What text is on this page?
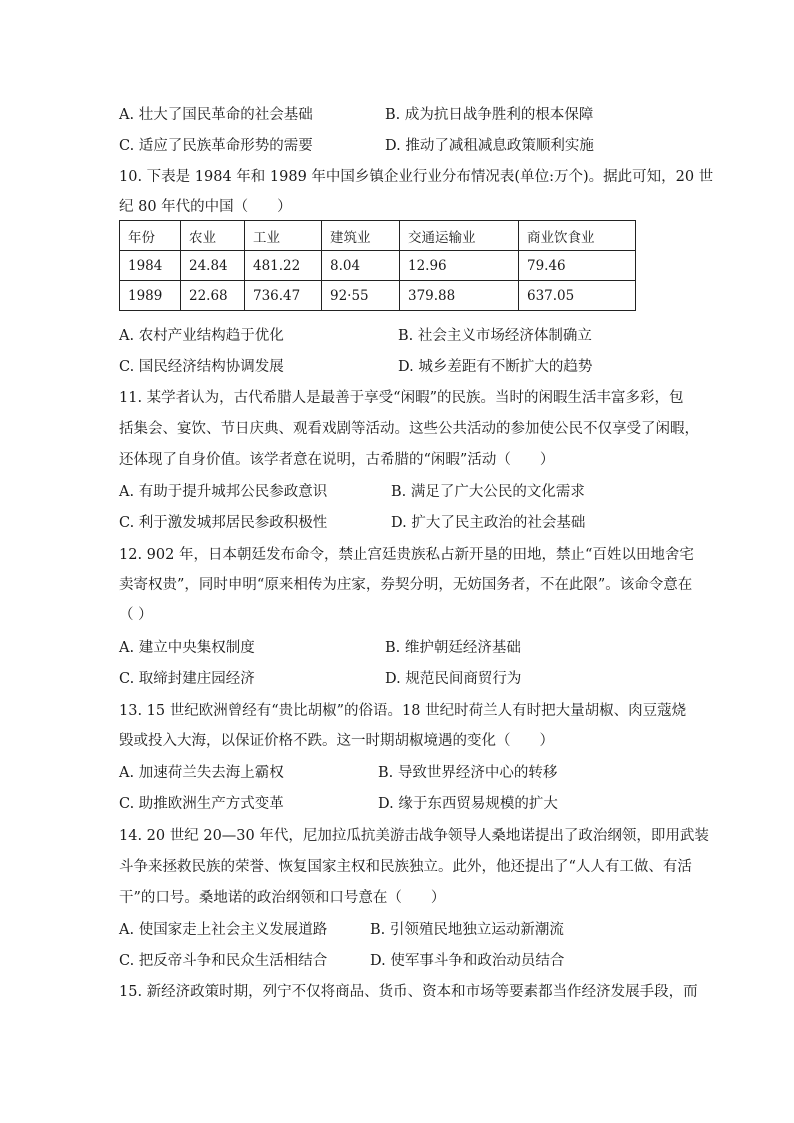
A. 壮大了国民革命的社会基础	B. 成为抗日战争胜利的根本保障
C. 适应了民族革命形势的需要	D. 推动了减租减息政策顺利实施
10. 下表是 1984 年和 1989 年中国乡镇企业行业分布情况表(单位:万个)。据此可知，20 世
纪 80 年代的中国（　　）
年份	农业	工业	建筑业	交通运输业	商业饮食业
1984	24.84	481.22	8.04	12.96	79.46
1989	22.68	736.47	92·55	379.88	637.05
A. 农村产业结构趋于优化	B. 社会主义市场经济体制确立
C. 国民经济结构协调发展	D. 城乡差距有不断扩大的趋势
11. 某学者认为，古代希腊人是最善于享受“闲暇”的民族。当时的闲暇生活丰富多彩，包
括集会、宴饮、节日庆典、观看戏剧等活动。这些公共活动的参加使公民不仅享受了闲暇，
还体现了自身价值。该学者意在说明，古希腊的“闲暇”活动（　　）
A. 有助于提升城邦公民参政意识	B. 满足了广大公民的文化需求
C. 利于激发城邦居民参政积极性	D. 扩大了民主政治的社会基础
12. 902 年，日本朝廷发布命令，禁止宫廷贵族私占新开垦的田地，禁止“百姓以田地舍宅
卖寄权贵”，同时申明“原来相传为庄家，券契分明，无妨国务者，不在此限”。该命令意在
（ ）
A. 建立中央集权制度	B. 维护朝廷经济基础
C. 取缔封建庄园经济	D. 规范民间商贸行为
13. 15 世纪欧洲曾经有“贵比胡椒”的俗语。18 世纪时荷兰人有时把大量胡椒、肉豆蔻烧
毁或投入大海，以保证价格不跌。这一时期胡椒境遇的变化（　　）
A. 加速荷兰失去海上霸权	B. 导致世界经济中心的转移
C. 助推欧洲生产方式变革	D. 缘于东西贸易规模的扩大
14. 20 世纪 20—30 年代，尼加拉瓜抗美游击战争领导人桑地诺提出了政治纲领，即用武装
斗争来拯救民族的荣誉、恢复国家主权和民族独立。此外，他还提出了“人人有工做、有活
干”的口号。桑地诺的政治纲领和口号意在（　　）
A. 使国家走上社会主义发展道路	B. 引领殖民地独立运动新潮流
C. 把反帝斗争和民众生活相结合	D. 使军事斗争和政治动员结合
15. 新经济政策时期，列宁不仅将商品、货币、资本和市场等要素都当作经济发展手段，而
